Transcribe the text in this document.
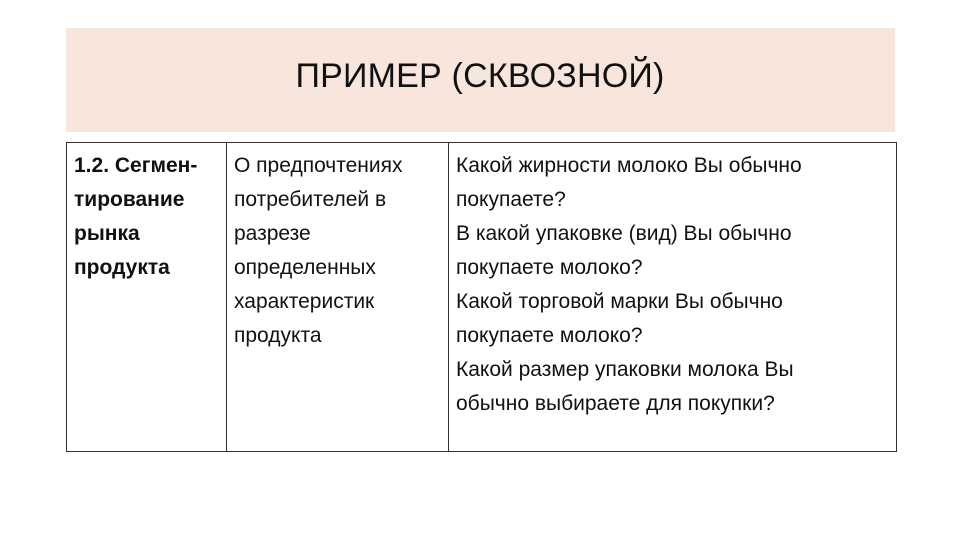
ПРИМЕР (СКВОЗНОЙ)
1.2. Сегмен-
тирование
рынка
продукта

О предпочтениях
потребителей в
разрезе
определенных
характеристик
продукта

Какой жирности молоко Вы обычно
покупаете?
В какой упаковке (вид) Вы обычно
покупаете молоко?
Какой торговой марки Вы обычно
покупаете молоко?
Какой размер упаковки молока Вы
обычно выбираете для покупки?
